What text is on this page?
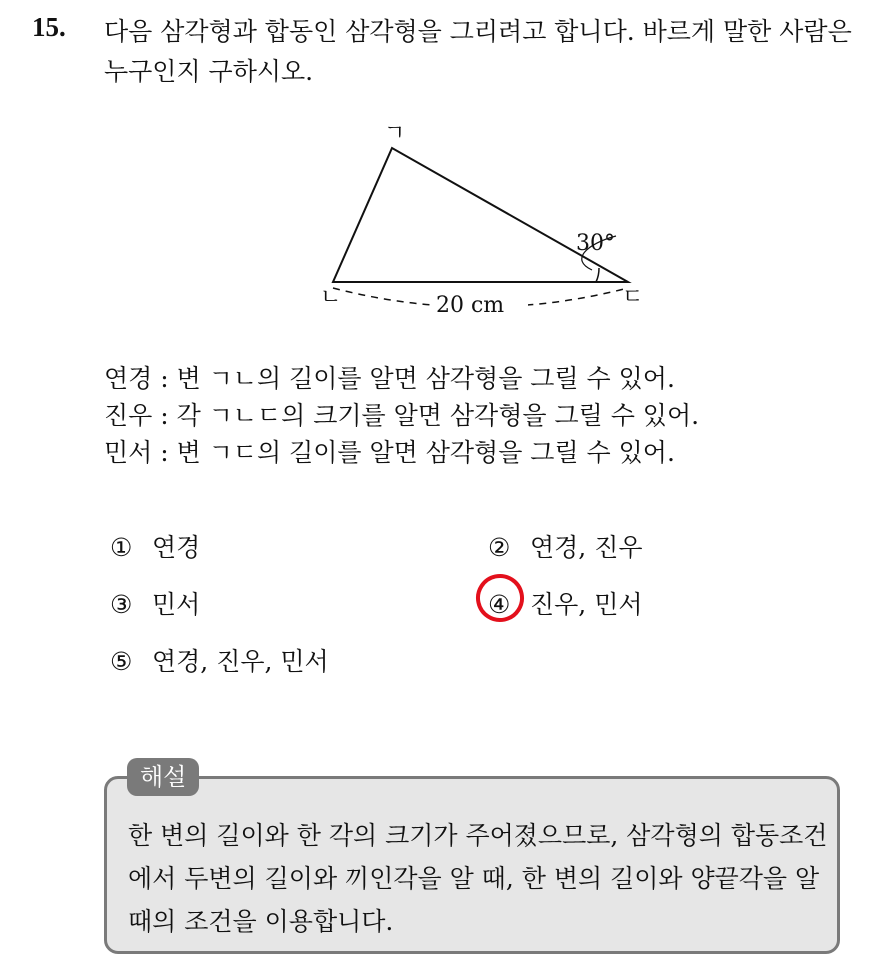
15. 다음 삼각형과 합동인 삼각형을 그리려고 합니다. 바르게 말한 사람은 누구인지 구하시오.
ㄱ
ㄴ	ㄷ
30°
20 cm
연경 : 변 ㄱㄴ의 길이를 알면 삼각형을 그릴 수 있어.
진우 : 각 ㄱㄴㄷ의 크기를 알면 삼각형을 그릴 수 있어.
민서 : 변 ㄱㄷ의 길이를 알면 삼각형을 그릴 수 있어.
① 연경	② 연경, 진우
③ 민서	④ 진우, 민서
⑤ 연경, 진우, 민서
해설
한 변의 길이와 한 각의 크기가 주어졌으므로, 삼각형의 합동조건에서 두변의 길이와 끼인각을 알 때, 한 변의 길이와 양끝각을 알 때의 조건을 이용합니다.
